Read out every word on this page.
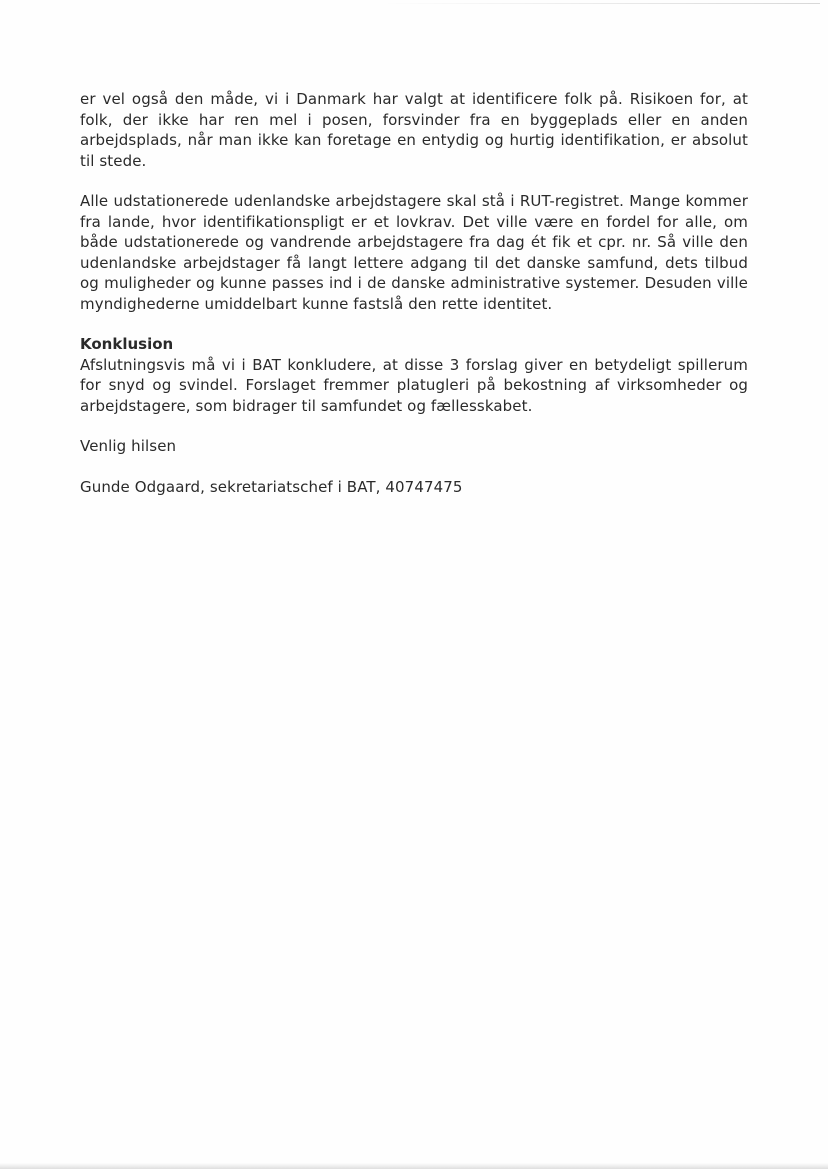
er vel også den måde, vi i Danmark har valgt at identificere folk på. Risikoen for, at folk, der ikke har ren mel i posen, forsvinder fra en byggeplads eller en anden arbejdsplads, når man ikke kan foretage en entydig og hurtig identifikation, er absolut til stede.

Alle udstationerede udenlandske arbejdstagere skal stå i RUT-registret. Mange kommer fra lande, hvor identifikationspligt er et lovkrav. Det ville være en fordel for alle, om både udstationerede og vandrende arbejdstagere fra dag ét fik et cpr. nr. Så ville den udenlandske arbejdstager få langt lettere adgang til det danske samfund, dets tilbud og muligheder og kunne passes ind i de danske administrative systemer. Desuden ville myndighederne umiddelbart kunne fastslå den rette identitet.

Konklusion

Afslutningsvis må vi i BAT konkludere, at disse 3 forslag giver en betydeligt spillerum for snyd og svindel. Forslaget fremmer platugleri på bekostning af virksomheder og arbejdstagere, som bidrager til samfundet og fællesskabet.

Venlig hilsen

Gunde Odgaard, sekretariatschef i BAT, 40747475
